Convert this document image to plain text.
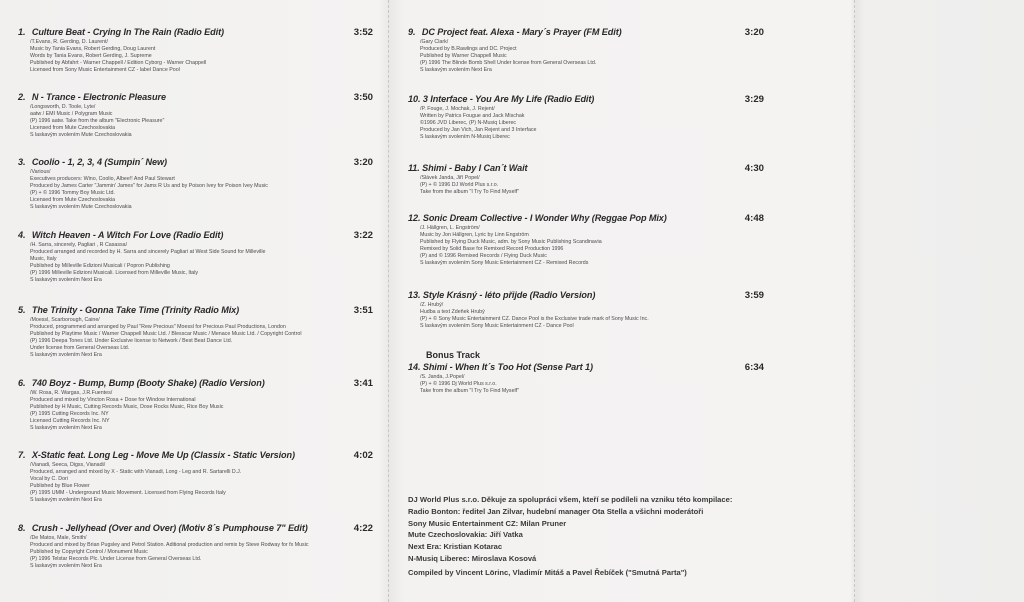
1. Culture Beat - Crying In The Rain (Radio Edit)	3:52
/T.Evans, R. Gerding, D. Laurent/
Music by Tania Evans, Robert Gerding, Doug Laurent
Words by Tania Evans, Robert Gerding, J. Supreme
Published by Abfahrt - Warner Chappell / Edition Cyborg - Warner Chappell
Licensed from Sony Music Entertainment CZ - label Dance Pool
2. N - Trance - Electronic Pleasure	3:50
/Longsworth, D. Toole, Lyte/
aatw / EMI Music / Polygram Music
(P) 1996 aatw. Take from the album "Electronic Pleasure"
Licensed from Mute Czechoslovakia
S laskavým svolením Mute Czechoslovakia
3. Coolio - 1, 2, 3, 4 (Sumpin´ New)	3:20
/Various/
Executives producers: Wino, Coolio, Albee!! And Paul Stewart
Produced by James Carter "Jammin' James" for Jams R Us and by Poison Ivey for Poison Ivey Music
(P) + © 1996 Tommy Boy Music Ltd.
Licensed from Mute Czechoslovakia
S laskavým svolením Mute Czechoslovakia
4. Witch Heaven - A Witch For Love (Radio Edit)	3:22
/H. Sarra, sincerely, Pagliari , R Casassa/
Produced arranged and recorded by H. Sarra and sincerely Pagliari at West Side Sound for Milleville
Music, Italy
Published by Milleville Edizioni Musicali / Popron Publishing
(P) 1996 Milleville Edizioni Musicali. Licensed from Milleville Music, Italy
S laskavým svolením Next Era
5. The Trinity - Gonna Take Time (Trinity Radio Mix)	3:51
/Moessl, Scarborough, Caine/
Produced, programmed and arranged by Paul "Rew Precious" Moessl for Precious Paul Productions, London
Published by Playtime Music / Warner Chappell Music Ltd. / Blesscar Music / Menace Music Ltd. / Copyright Control
(P) 1996 Deepa Tones Ltd. Under Exclusive license to Network / Best Beat Dance Ltd.
Under license from General Overseas Ltd.
S laskavým svolením Next Era
6. 740 Boyz - Bump, Bump (Booty Shake) (Radio Version)	3:41
/W. Rosa, R. Wargas, J.R.Fuentes/
Produced and mixed by Vincton Rosa + Dose for Window International
Published by H Music, Cutting Records Music, Dose Rocks Music, Rice Boy Music
(P) 1995 Cutting Records Inc. NY
Licensed Cutting Records Inc. NY
S laskavým svolením Next Era
7. X-Static feat. Long Leg - Move Me Up (Classix - Static Version)	4:02
/Vianadi, Seeca, Digss, Vianadi/
Produced, arranged and mixed by X - Static with Vianadi, Long - Leg and R. Sartarelli D.J.
Vocal by C. Dori
Published by Blue Flower
(P) 1995 UMM - Underground Music Movement. Licensed from Flying Records Italy
S laskavým svolením Next Era
8. Crush - Jellyhead (Over and Over) (Motiv 8´s Pumphouse 7" Edit)	4:22
/De Matos, Male, Smith/
Produced and mixed by Brian Pugsley and Petrol Station. Aditional production and remix by Steve Rodway for fx Music
Published by Copyright Control / Monument Music
(P) 1996 Telstar Records Plc. Under License from General Overseas Ltd.
S laskavým svolením Next Era
Bonus Track
DJ World Plus s.r.o. Děkuje za spolupráci všem, kteří se podíleli na vzniku této kompilace:
Radio Bonton: ředitel Jan Zilvar, hudební manager Ota Stella a všichni moderátoři
Sony Music Entertainment CZ: Milan Pruner
Mute Czechoslovakia: Jiří Vatka
Next Era: Kristian Kotarac
N-Musiq Liberec: Miroslava Kosová
Compiled by Vincent Lörinc, Vladimír Mitáš a Pavel Řebíček ("Smutná Parta")
9. DC Project feat. Alexa - Mary´s Prayer (FM Edit)	3:20
/Gary Clark/
Produced by B.Rawlings and DC. Project
Published by Warner Chappell Music
(P) 1996 The Blinde Bomb Shell Under license from General Overseas Ltd.
S laskavým svolením Next Era
10. 3 Interface - You Are My Life (Radio Edit)	3:29
/P. Fouge, J. Mochak, J. Rejent/
Written by Patrics Fougue and Jack Mischak
©1996 JVD Liberec, (P) N-Musiq Liberec
Produced by Jan Vich, Jan Rejent and 3 Interface
S laskavým svolením N-Musiq Liberec
11. Shimi - Baby I Can´t Wait	4:30
/Slávek Janda, Jiří Popel/
(P) + © 1996 DJ World Plus s.r.o.
Take from the album "I Try To Find Myself"
12. Sonic Dream Collective - I Wonder Why (Reggae Pop Mix)	4:48
/J. Hällgren, L. Engström/
Music by Jon Hällgren, Lyric by Linn Engström
Published by Flying Duck Music, adm. by Sony Music Publishing Scandinavia
Remixed by Solid Base for Remixed Record Production 1996
(P) and © 1996 Remixed Records / Flying Duck Music
S laskavým svolením Sony Music Entertainment CZ - Remixed Records
13. Style Krásný - léto přijde (Radio Version)	3:59
/Z. Hrubý/
Hudba a text Zdeňek Hrubý
(P) + © Sony Music Entertainment CZ. Dance Pool is the Exclusive trade mark of Sony Music Inc.
S laskavým svolením Sony Music Entertainment CZ - Dance Pool
14. Shimi - When It´s Too Hot (Sense Part 1)	6:34
/S. Janda, J.Popel/
(P) + © 1996 Dj World Plus s.r.o.
Take from the album "I Try To Find Myself"
